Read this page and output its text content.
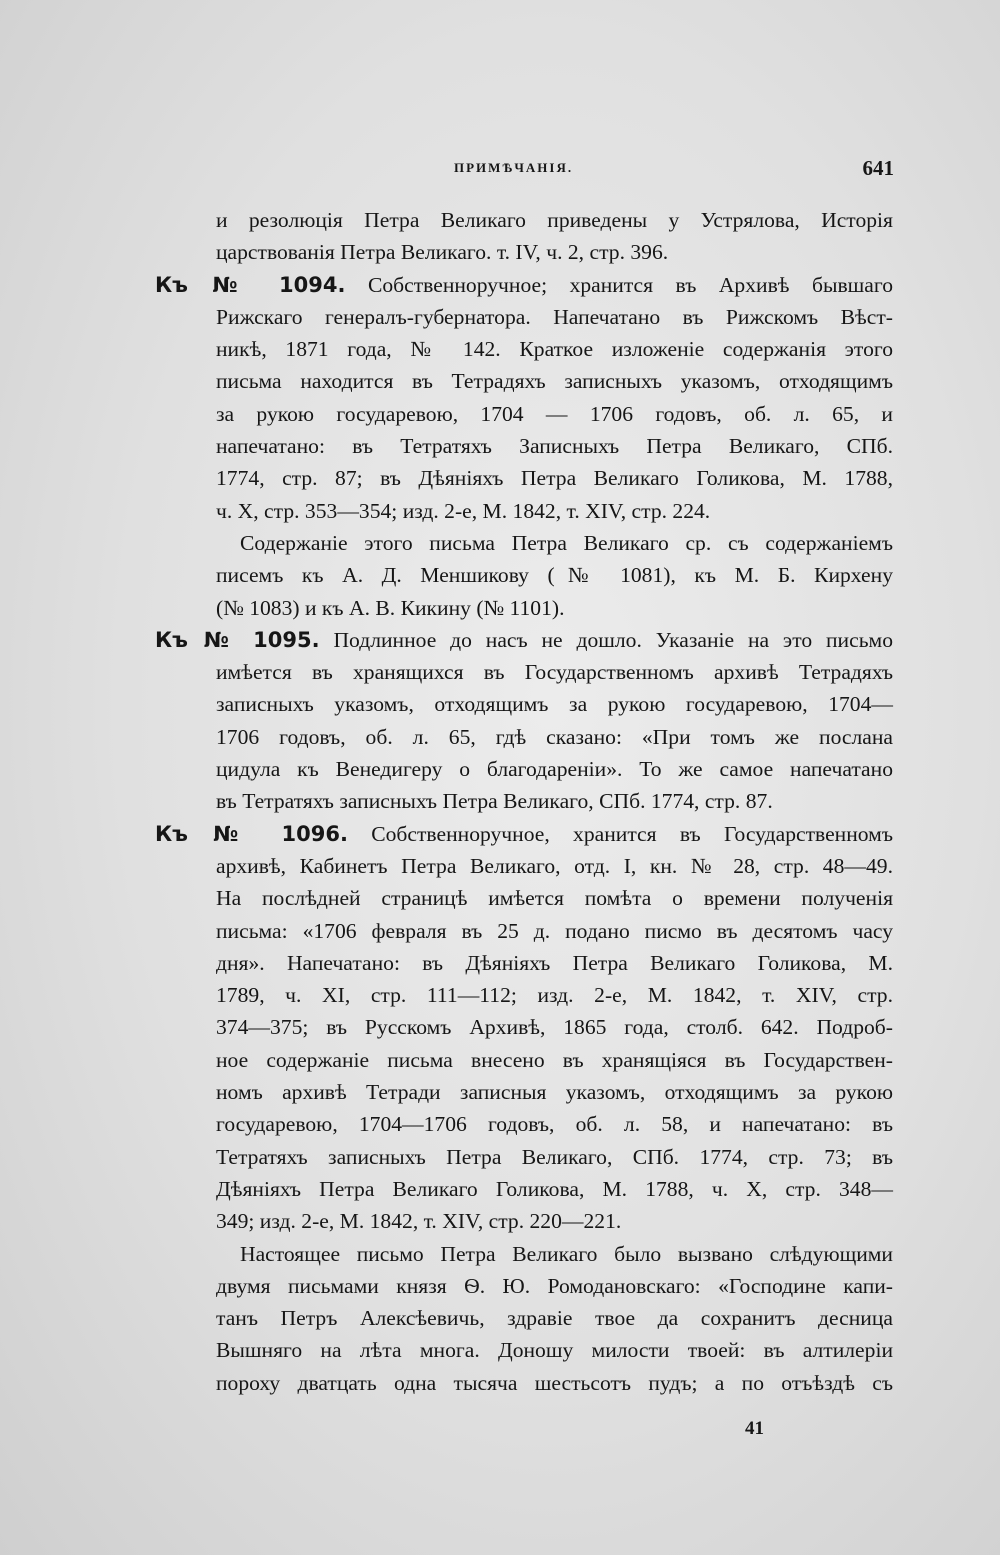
ПРИМѢЧАНІЯ.	641
и резолюція Петра Великаго приведены у Устрялова, Исторія
царствованія Петра Великаго. т. IV, ч. 2, стр. 396.
Къ № 1094. Собственноручное; хранится въ Архивѣ бывшаго
Рижскаго генералъ-губернатора. Напечатано въ Рижскомъ Вѣст-
никѣ, 1871 года, № 142. Краткое изложеніе содержанія этого
письма находится въ Тетрадяхъ записныхъ указомъ, отходящимъ
за рукою государевою, 1704 — 1706 годовъ, об. л. 65, и
напечатано: въ Тетратяхъ Записныхъ Петра Великаго, СПб.
1774, стр. 87; въ Дѣяніяхъ Петра Великаго Голикова, М. 1788,
ч. X, стр. 353—354; изд. 2-е, М. 1842, т. XIV, стр. 224.
Содержаніе этого письма Петра Великаго ср. съ содержаніемъ
писемъ къ А. Д. Меншикову (№ 1081), къ М. Б. Кирхену
(№ 1083) и къ А. В. Кикину (№ 1101).
Къ № 1095. Подлинное до насъ не дошло. Указаніе на это письмо
имѣется въ хранящихся въ Государственномъ архивѣ Тетрадяхъ
записныхъ указомъ, отходящимъ за рукою государевою, 1704—
1706 годовъ, об. л. 65, гдѣ сказано: «При томъ же послана
цидула къ Венедигеру о благодареніи». То же самое напечатано
въ Тетратяхъ записныхъ Петра Великаго, СПб. 1774, стр. 87.
Къ № 1096. Собственноручное, хранится въ Государственномъ
архивѣ, Кабинетъ Петра Великаго, отд. I, кн. № 28, стр. 48—49.
На послѣдней страницѣ имѣется помѣта о времени полученія
письма: «1706 февраля въ 25 д. подано писмо въ десятомъ часу
дня». Напечатано: въ Дѣяніяхъ Петра Великаго Голикова, М.
1789, ч. XI, стр. 111—112; изд. 2-е, М. 1842, т. XIV, стр.
374—375; въ Русскомъ Архивѣ, 1865 года, столб. 642. Подроб-
ное содержаніе письма внесено въ хранящіяся въ Государствен-
номъ архивѣ Тетради записныя указомъ, отходящимъ за рукою
государевою, 1704—1706 годовъ, об. л. 58, и напечатано: въ
Тетратяхъ записныхъ Петра Великаго, СПб. 1774, стр. 73; въ
Дѣяніяхъ Петра Великаго Голикова, М. 1788, ч. X, стр. 348—
349; изд. 2-е, М. 1842, т. XIV, стр. 220—221.
Настоящее письмо Петра Великаго было вызвано слѣдующими
двумя письмами князя Ѳ. Ю. Ромодановскаго: «Господине капи-
танъ Петръ Алексѣевичь, здравіе твое да сохранитъ десница
Вышняго на лѣта многа. Доношу милости твоей: въ алтилеріи
пороху дватцать одна тысяча шестьсотъ пудъ; а по отъѣздѣ съ
41
